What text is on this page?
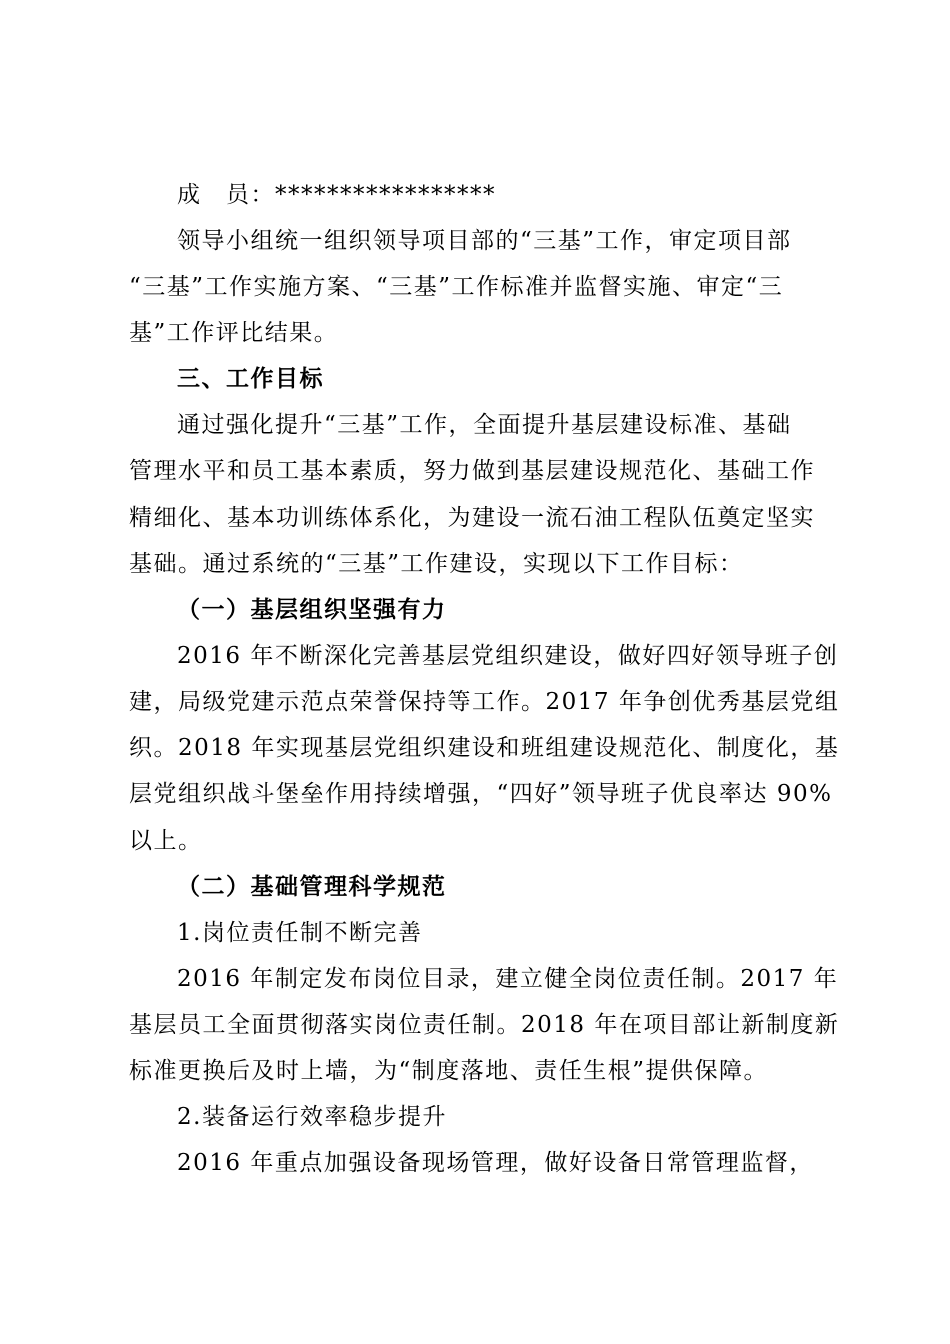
成　员：*****************
领导小组统一组织领导项目部的“三基”工作，审定项目部
“三基”工作实施方案、“三基”工作标准并监督实施、审定“三
基”工作评比结果。
三、工作目标
通过强化提升“三基”工作，全面提升基层建设标准、基础
管理水平和员工基本素质，努力做到基层建设规范化、基础工作
精细化、基本功训练体系化，为建设一流石油工程队伍奠定坚实
基础。通过系统的“三基”工作建设，实现以下工作目标：
（一）基层组织坚强有力
2016 年不断深化完善基层党组织建设，做好四好领导班子创
建，局级党建示范点荣誉保持等工作。2017 年争创优秀基层党组
织。2018 年实现基层党组织建设和班组建设规范化、制度化，基
层党组织战斗堡垒作用持续增强，“四好”领导班子优良率达 90%
以上。
（二）基础管理科学规范
1.岗位责任制不断完善
2016 年制定发布岗位目录，建立健全岗位责任制。2017 年
基层员工全面贯彻落实岗位责任制。2018 年在项目部让新制度新
标准更换后及时上墙，为“制度落地、责任生根”提供保障。
2.装备运行效率稳步提升
2016 年重点加强设备现场管理，做好设备日常管理监督，
